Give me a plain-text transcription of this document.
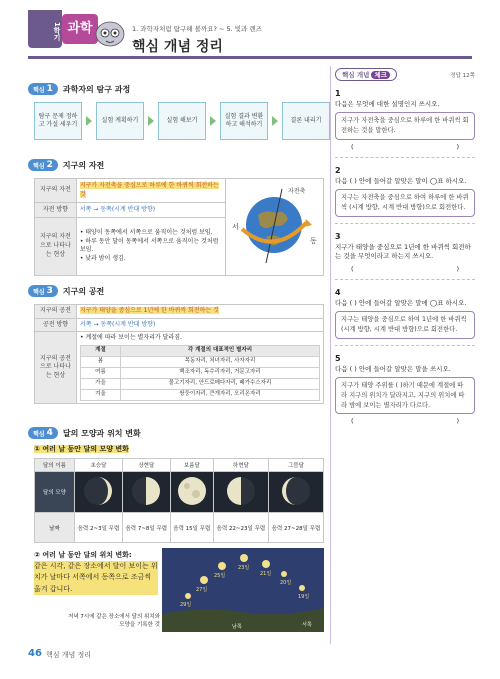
1학기 과학	1. 과학자처럼 탐구해 볼까요? ~ 5. 빛과 렌즈
핵심 개념 정리
핵심 1 과학자의 탐구 과정
탐구 문제 정하고 가설 세우기
실험 계획하기	실험 해보기
실험 결과 변환하고 해석하기
결론 내리기
핵심 2 지구의 자전
지구의 자전	지구가 자전축을 중심으로 하루에 한 바퀴씩 회전하는 것	자전축
서
동

자전 방향	서쪽 → 동쪽(시계 반대 방향)	
지구의 자전으로 나타나는 현상	• 태양이 동쪽에서 서쪽으로 움직이는 것처럼 보임.
• 하루 동안 달이 동쪽에서 서쪽으로 움직이는 것처럼 보임.
• 낮과 밤이 생김.	
핵심 3 지구의 공전
지구의 공전	지구가 태양을 중심으로 1년에 한 바퀴씩 회전하는 것
공전 방향	서쪽 → 동쪽(시계 반대 방향)
지구의 공전으로 나타나는 현상	
• 계절에 따라 보이는 별자리가 달라짐.
계절	각 계절의 대표적인 별자리
봄	목동자리, 처녀자리, 사자자리
여름	백조자리, 독수리자리, 거문고자리
가을	물고기자리, 안드로메다자리, 페가수스자리
겨울	쌍둥이자리, 큰개자리, 오리온자리
핵심 4 달의 모양과 위치 변화
① 여러 날 동안 달의 모양 변화
달의 이름	초승달	상현달	보름달	하현달	그믐달
달의 모양					
날짜	음력 2~3일 무렵	음력 7~8일 무렵	음력 15일 무렵	음력 22~23일 무렵	음력 27~28일 무렵
② 여러 날 동안 달의 위치 변화:
같은 시각, 같은 장소에서 달이 보이는 위치가 날마다 서쪽에서 동쪽으로 조금씩 옮겨 갑니다.
저녁 7시에 같은 장소에서 달의 위치와 모양을 기록한 것
23일
21일
25일
27일
20일
19일
29일
남쪽	서쪽
핵심 개념 체크	정답 12쪽
1
다음은 무엇에 대한 설명인지 쓰시오.
지구가 자전축을 중심으로 하루에 한 바퀴씩 회전하는 것을 말한다.
(	)
2
다음 ( ) 안에 들어갈 알맞은 말이 ◯표 하시오.
지구는 자전축을 중심으로 하여 하루에 한 바퀴씩 (시계 방향, 시계 반대 방향)으로 회전한다.
3
지구가 태양을 중심으로 1년에 한 바퀴씩 회전하는 것을 무엇이라고 하는지 쓰시오.
(	)
4
다음 ( ) 안에 들어갈 알맞은 말에 ◯표 하시오.
지구는 태양을 중심으로 하여 1년에 한 바퀴씩 (시계 방향, 시계 반대 방향)으로 회전한다.
5
다음 ( ) 안에 들어갈 알맞은 말을 쓰시오.
지구가 태양 주위를 ( )하기 때문에 계절에 따라 지구의 위치가 달라지고, 지구의 위치에 따라 밤에 보이는 별자리가 다르다.
(	)
46 핵심 개념 정리
